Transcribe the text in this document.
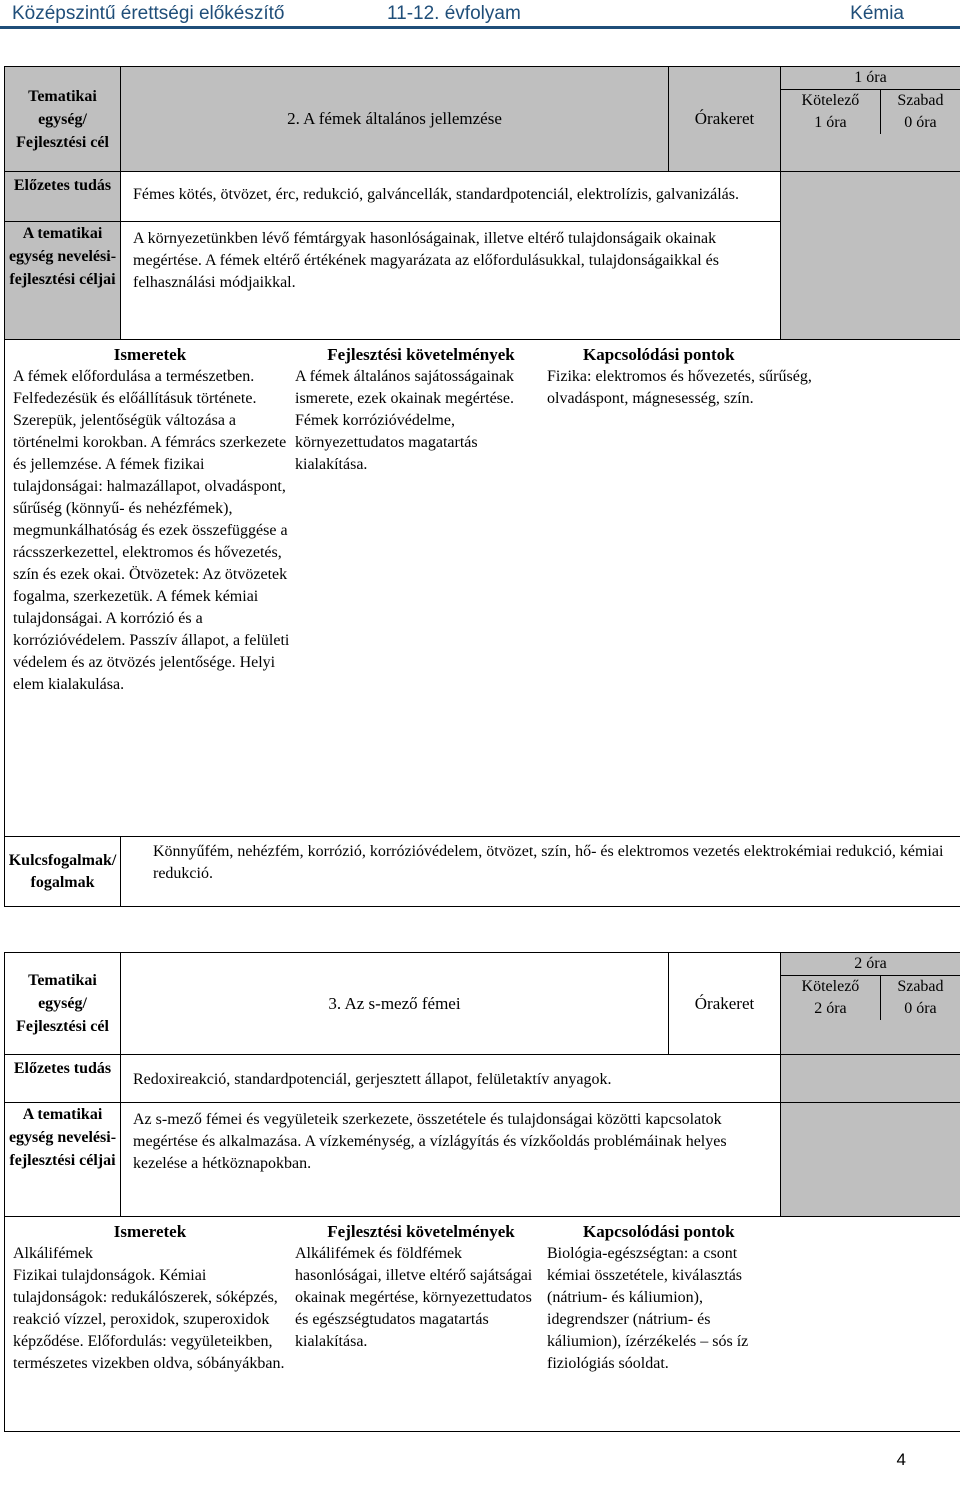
Középszintű érettségi előkészítő	11-12. évfolyam	Kémia
Tematikai egység/ Fejlesztési cél	2. A fémek általános jellemzése	Órakeret	
1 óra
Kötelező	Szabad
1 óra	0 óra

Előzetes tudás	Fémes kötés, ötvözet, érc, redukció, galváncellák, standardpotenciál, elektrolízis, galvanizálás.	
A tematikai egység nevelési-fejlesztési céljai	A környezetünkben lévő fémtárgyak hasonlóságainak, illetve eltérő tulajdonságaik okainak megértése. A fémek eltérő értékének magyarázata az előfordulásukkal, tulajdonságaikkal és felhasználási módjaikkal.

Ismeretek	Fejlesztési követelmények	Kapcsolódási pontok
A fémek előfordulása a természetben. Felfedezésük és előállításuk története. Szerepük, jelentőségük változása a történelmi korokban. A fémrács szerkezete és jellemzése. A fémek fizikai tulajdonságai: halmazállapot, olvadáspont, sűrűség (könnyű- és nehézfémek), megmunkálhatóság és ezek összefüggése a rácsszerkezettel, elektromos és hővezetés, szín és ezek okai. Ötvözetek: Az ötvözetek fogalma, szerkezetük. A fémek kémiai tulajdonságai. A korrózió és a korrózióvédelem. Passzív állapot, a felületi védelem és az ötvözés jelentősége. Helyi elem kialakulása.	A fémek általános sajátosságainak ismerete, ezek okainak megértése. Fémek korrózióvédelme, környezettudatos magatartás kialakítása.	Fizika: elektromos és hővezetés, sűrűség, olvadáspont, mágnesesség, szín.

Kulcsfogalmak/ fogalmak	Könnyűfém, nehézfém, korrózió, korrózióvédelem, ötvözet, szín, hő- és elektromos vezetés elektrokémiai redukció, kémiai redukció.
Tematikai egység/ Fejlesztési cél	3. Az s-mező fémei	Órakeret	
2 óra
Kötelező	Szabad
2 óra	0 óra

Előzetes tudás	Redoxireakció, standardpotenciál, gerjesztett állapot, felületaktív anyagok.	
A tematikai egység nevelési-fejlesztési céljai	Az s-mező fémei és vegyületeik szerkezete, összetétele és tulajdonságai közötti kapcsolatok megértése és alkalmazása. A vízkeménység, a vízlágyítás és vízkőoldás problémáinak helyes kezelése a hétköznapokban.	

Ismeretek	Fejlesztési követelmények	Kapcsolódási pontok
Alkálifémek
Fizikai tulajdonságok. Kémiai tulajdonságok: redukálószerek, sóképzés, reakció vízzel, peroxidok, szuperoxidok képződése. Előfordulás: vegyületeikben, természetes vizekben oldva, sóbányákban.	Alkálifémek és földfémek hasonlóságai, illetve eltérő sajátságai okainak megértése, környezettudatos és egészségtudatos magatartás kialakítása.	Biológia-egészségtan: a csont kémiai összetétele, kiválasztás (nátrium- és káliumion), idegrendszer (nátrium- és káliumion), ízérzékelés – sós íz fiziológiás sóoldat.
4
